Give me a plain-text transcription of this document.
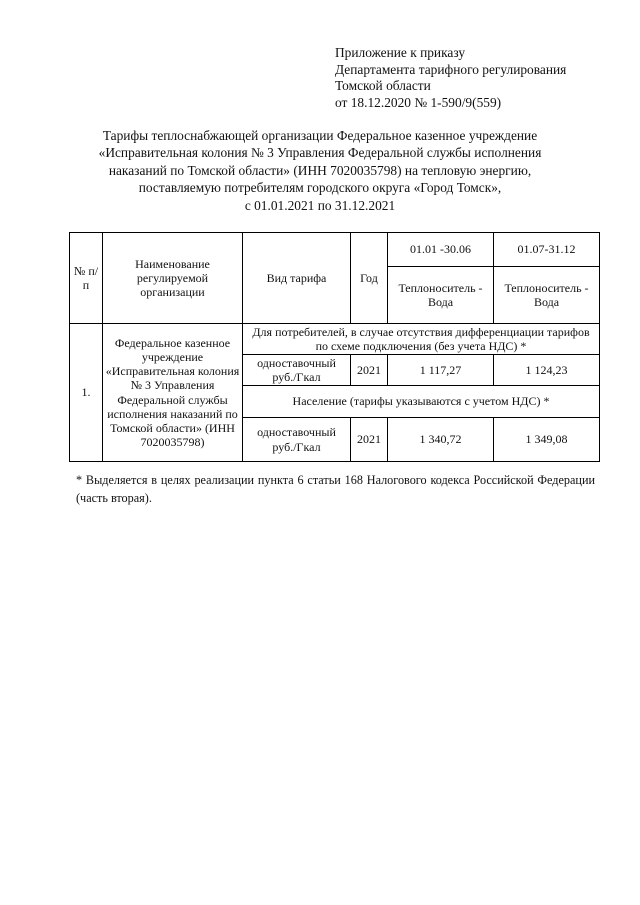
Приложение к приказу
Департамента тарифного регулирования
Томской области
от 18.12.2020 № 1-590/9(559)
Тарифы теплоснабжающей организации Федеральное казенное учреждение
«Исправительная колония № 3 Управления Федеральной службы исполнения
наказаний по Томской области» (ИНН 7020035798) на тепловую энергию,
поставляемую потребителям городского округа «Город Томск»,
с 01.01.2021 по 31.12.2021
№ п/п	Наименование регулируемой организации	Вид тарифа	Год	01.01 -30.06	01.07-31.12
				Теплоноситель - Вода	Теплоноситель - Вода
1.	Федеральное казенное учреждение «Исправительная колония № 3 Управления Федеральной службы исполнения наказаний по Томской области» (ИНН 7020035798)	Для потребителей, в случае отсутствия дифференциации тарифов по схеме подключения (без учета НДС) *			
		одноставочный руб./Гкал	2021	1 117,27	1 124,23
		Население (тарифы указываются с учетом НДС) *			
		одноставочный руб./Гкал	2021	1 340,72	1 349,08
* Выделяется в целях реализации пункта 6 статьи 168 Налогового кодекса Российской Федерации (часть вторая).
